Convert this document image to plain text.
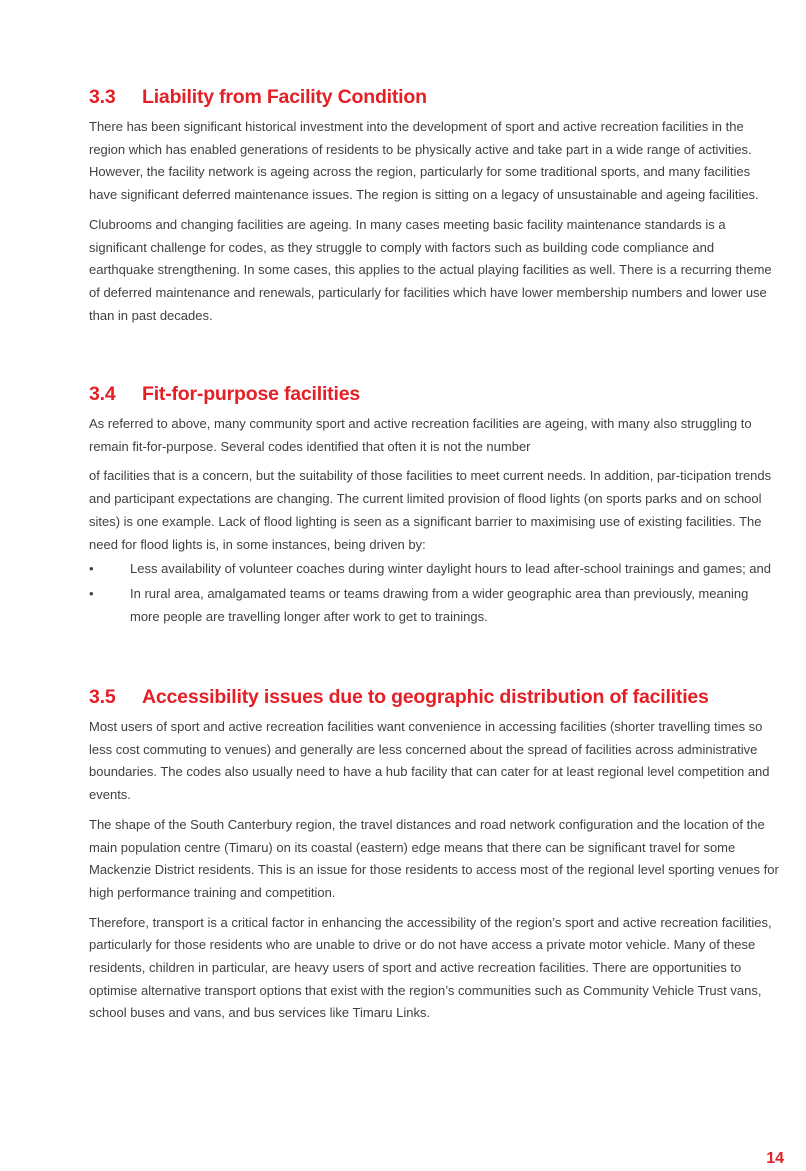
3.3	Liability from Facility Condition

There has been significant historical investment into the development of sport and active recreation facilities in the region which has enabled generations of residents to be physically active and take part in a wide range of activities. However, the facility network is ageing across the region, particularly for some traditional sports, and many facilities have significant deferred maintenance issues. The region is sitting on a legacy of unsustainable and ageing facilities.

Clubrooms and changing facilities are ageing. In many cases meeting basic facility maintenance standards is a significant challenge for codes, as they struggle to comply with factors such as building code compliance and earthquake strengthening. In some cases, this applies to the actual playing facilities as well. There is a recurring theme of deferred maintenance and renewals, particularly for facilities which have lower membership numbers and lower use than in past decades.

3.4	Fit-for-purpose facilities

As referred to above, many community sport and active recreation facilities are ageing, with many also struggling to remain fit-for-purpose. Several codes identified that often it is not the number

of facilities that is a concern, but the suitability of those facilities to meet current needs. In addition, par-ticipation trends and participant expectations are changing. The current limited provision of flood lights (on sports parks and on school sites) is one example. Lack of flood lighting is seen as a significant barrier to maximising use of existing facilities. The need for flood lights is, in some instances, being driven by:

•	Less availability of volunteer coaches during winter daylight hours to lead after-school trainings and games; and
•	In rural area, amalgamated teams or teams drawing from a wider geographic area than previously, meaning more people are travelling longer after work to get to trainings.
3.5	Accessibility issues due to geographic distribution of facilities

Most users of sport and active recreation facilities want convenience in accessing facilities (shorter travelling times so less cost commuting to venues) and generally are less concerned about the spread of facilities across administrative boundaries. The codes also usually need to have a hub facility that can cater for at least regional level competition and events.

The shape of the South Canterbury region, the travel distances and road network configuration and the location of the main population centre (Timaru) on its coastal (eastern) edge means that there can be significant travel for some Mackenzie District residents. This is an issue for those residents to access most of the regional level sporting venues for high performance training and competition.

Therefore, transport is a critical factor in enhancing the accessibility of the region’s sport and active recreation facilities, particularly for those residents who are unable to drive or do not have access a private motor vehicle. Many of these residents, children in particular, are heavy users of sport and active recreation facilities. There are opportunities to optimise alternative transport options that exist with the region’s communities such as Community Vehicle Trust vans, school buses and vans, and bus services like Timaru Links.

14
